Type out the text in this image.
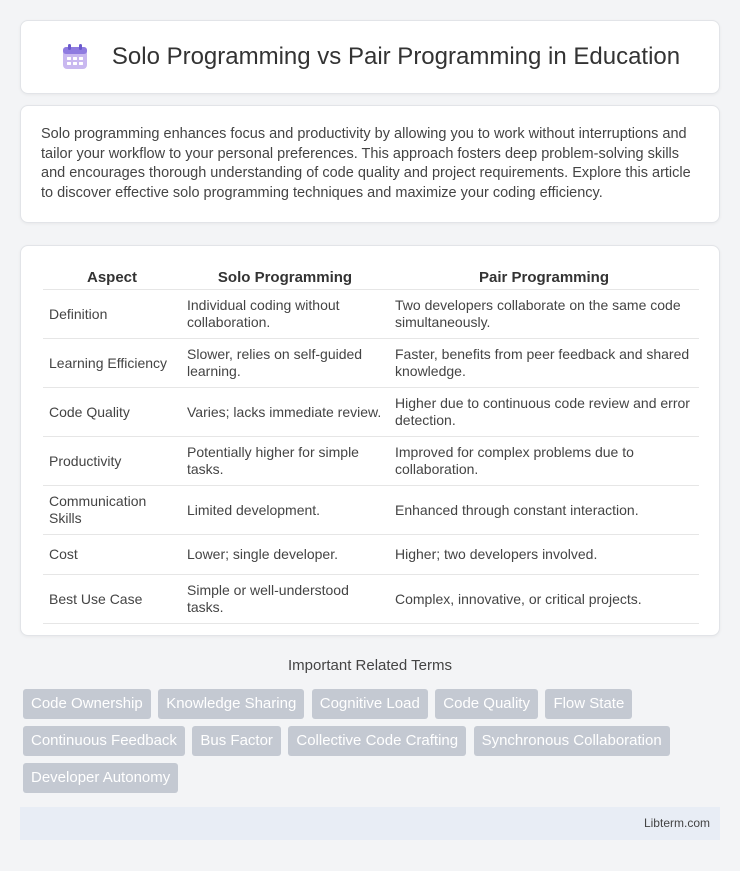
Solo Programming vs Pair Programming in Education

Solo programming enhances focus and productivity by allowing you to work without interruptions and tailor your workflow to your personal preferences. This approach fosters deep problem-solving skills and encourages thorough understanding of code quality and project requirements. Explore this article to discover effective solo programming techniques and maximize your coding efficiency.

Aspect	Solo Programming	Pair Programming
Definition	Individual coding without collaboration.	Two developers collaborate on the same code simultaneously.
Learning Efficiency	Slower, relies on self-guided learning.	Faster, benefits from peer feedback and shared knowledge.
Code Quality	Varies; lacks immediate review.	Higher due to continuous code review and error detection.
Productivity	Potentially higher for simple tasks.	Improved for complex problems due to collaboration.
Communication Skills	Limited development.	Enhanced through constant interaction.
Cost	Lower; single developer.	Higher; two developers involved.
Best Use Case	Simple or well-understood tasks.	Complex, innovative, or critical projects.
Important Related Terms
Code Ownership Knowledge Sharing Cognitive Load Code Quality Flow State Continuous Feedback Bus Factor Collective Code Crafting Synchronous Collaboration Developer Autonomy
Libterm.com
